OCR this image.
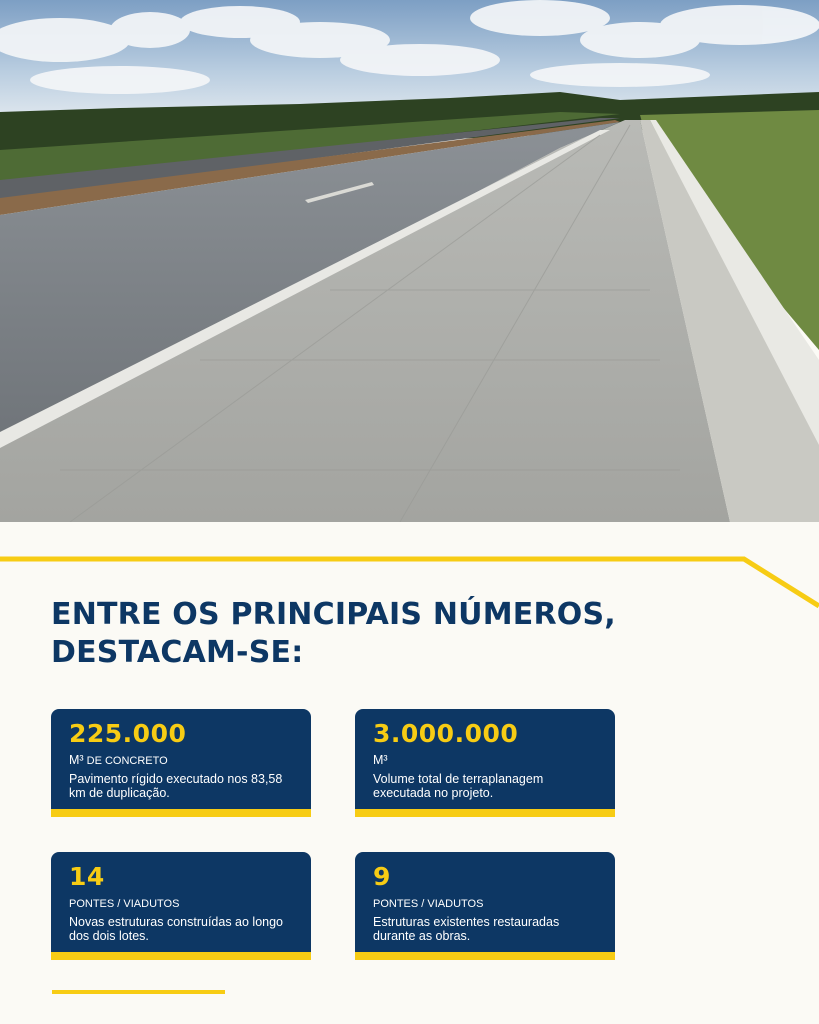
ENTRE OS PRINCIPAIS NÚMEROS,
DESTACAM-SE:
225.000
M³ DE CONCRETO
Pavimento rígido executado nos 83,58 km de duplicação.
3.000.000
M³
Volume total de terraplanagem executada no projeto.
14
PONTES / VIADUTOS
Novas estruturas construídas ao longo dos dois lotes.
9
PONTES / VIADUTOS
Estruturas existentes restauradas durante as obras.
